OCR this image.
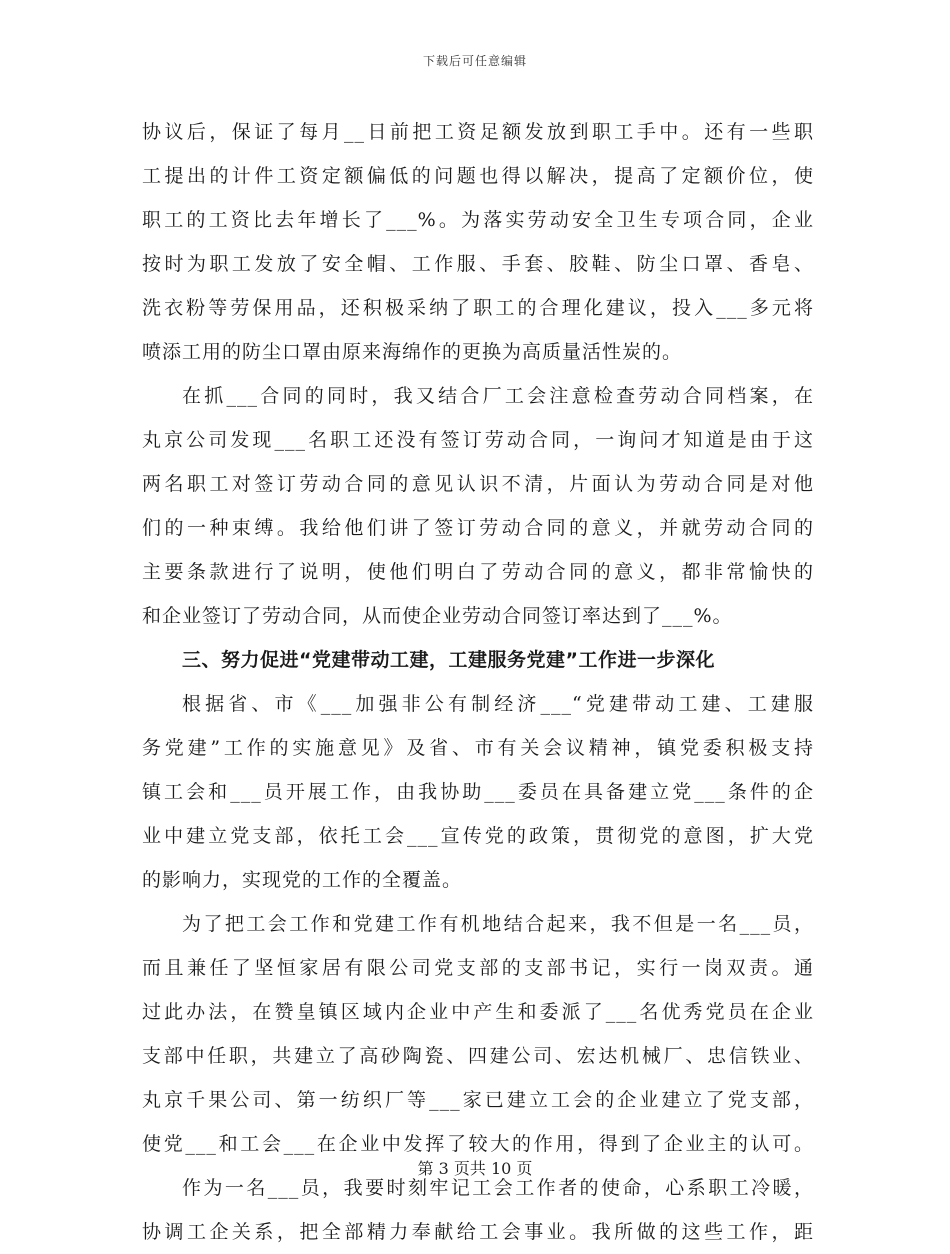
下载后可任意编辑
协议后，保证了每月__日前把工资足额发放到职工手中。还有一些职
工提出的计件工资定额偏低的问题也得以解决，提高了定额价位，使
职工的工资比去年增长了___%。为落实劳动安全卫生专项合同，企业
按时为职工发放了安全帽、工作服、手套、胶鞋、防尘口罩、香皂、
洗衣粉等劳保用品，还积极采纳了职工的合理化建议，投入___多元将
喷添工用的防尘口罩由原来海绵作的更换为高质量活性炭的。
在抓___合同的同时，我又结合厂工会注意检查劳动合同档案，在
丸京公司发现___名职工还没有签订劳动合同，一询问才知道是由于这
两名职工对签订劳动合同的意见认识不清，片面认为劳动合同是对他
们的一种束缚。我给他们讲了签订劳动合同的意义，并就劳动合同的
主要条款进行了说明，使他们明白了劳动合同的意义，都非常愉快的
和企业签订了劳动合同，从而使企业劳动合同签订率达到了___%。
三、努力促进“党建带动工建，工建服务党建”工作进一步深化
根据省、市《___加强非公有制经济___“党建带动工建、工建服
务党建”工作的实施意见》及省、市有关会议精神，镇党委积极支持
镇工会和___员开展工作，由我协助___委员在具备建立党___条件的企
业中建立党支部，依托工会___宣传党的政策，贯彻党的意图，扩大党
的影响力，实现党的工作的全覆盖。
为了把工会工作和党建工作有机地结合起来，我不但是一名___员，
而且兼任了坚恒家居有限公司党支部的支部书记，实行一岗双责。通
过此办法，在赞皇镇区域内企业中产生和委派了___名优秀党员在企业
支部中任职，共建立了高砂陶瓷、四建公司、宏达机械厂、忠信铁业、
丸京千果公司、第一纺织厂等___家已建立工会的企业建立了党支部，
使党___和工会___在企业中发挥了较大的作用，得到了企业主的认可。
作为一名___员，我要时刻牢记工会工作者的使命，心系职工冷暖，
协调工企关系，把全部精力奉献给工会事业。我所做的这些工作，距
第 3 页共 10 页
